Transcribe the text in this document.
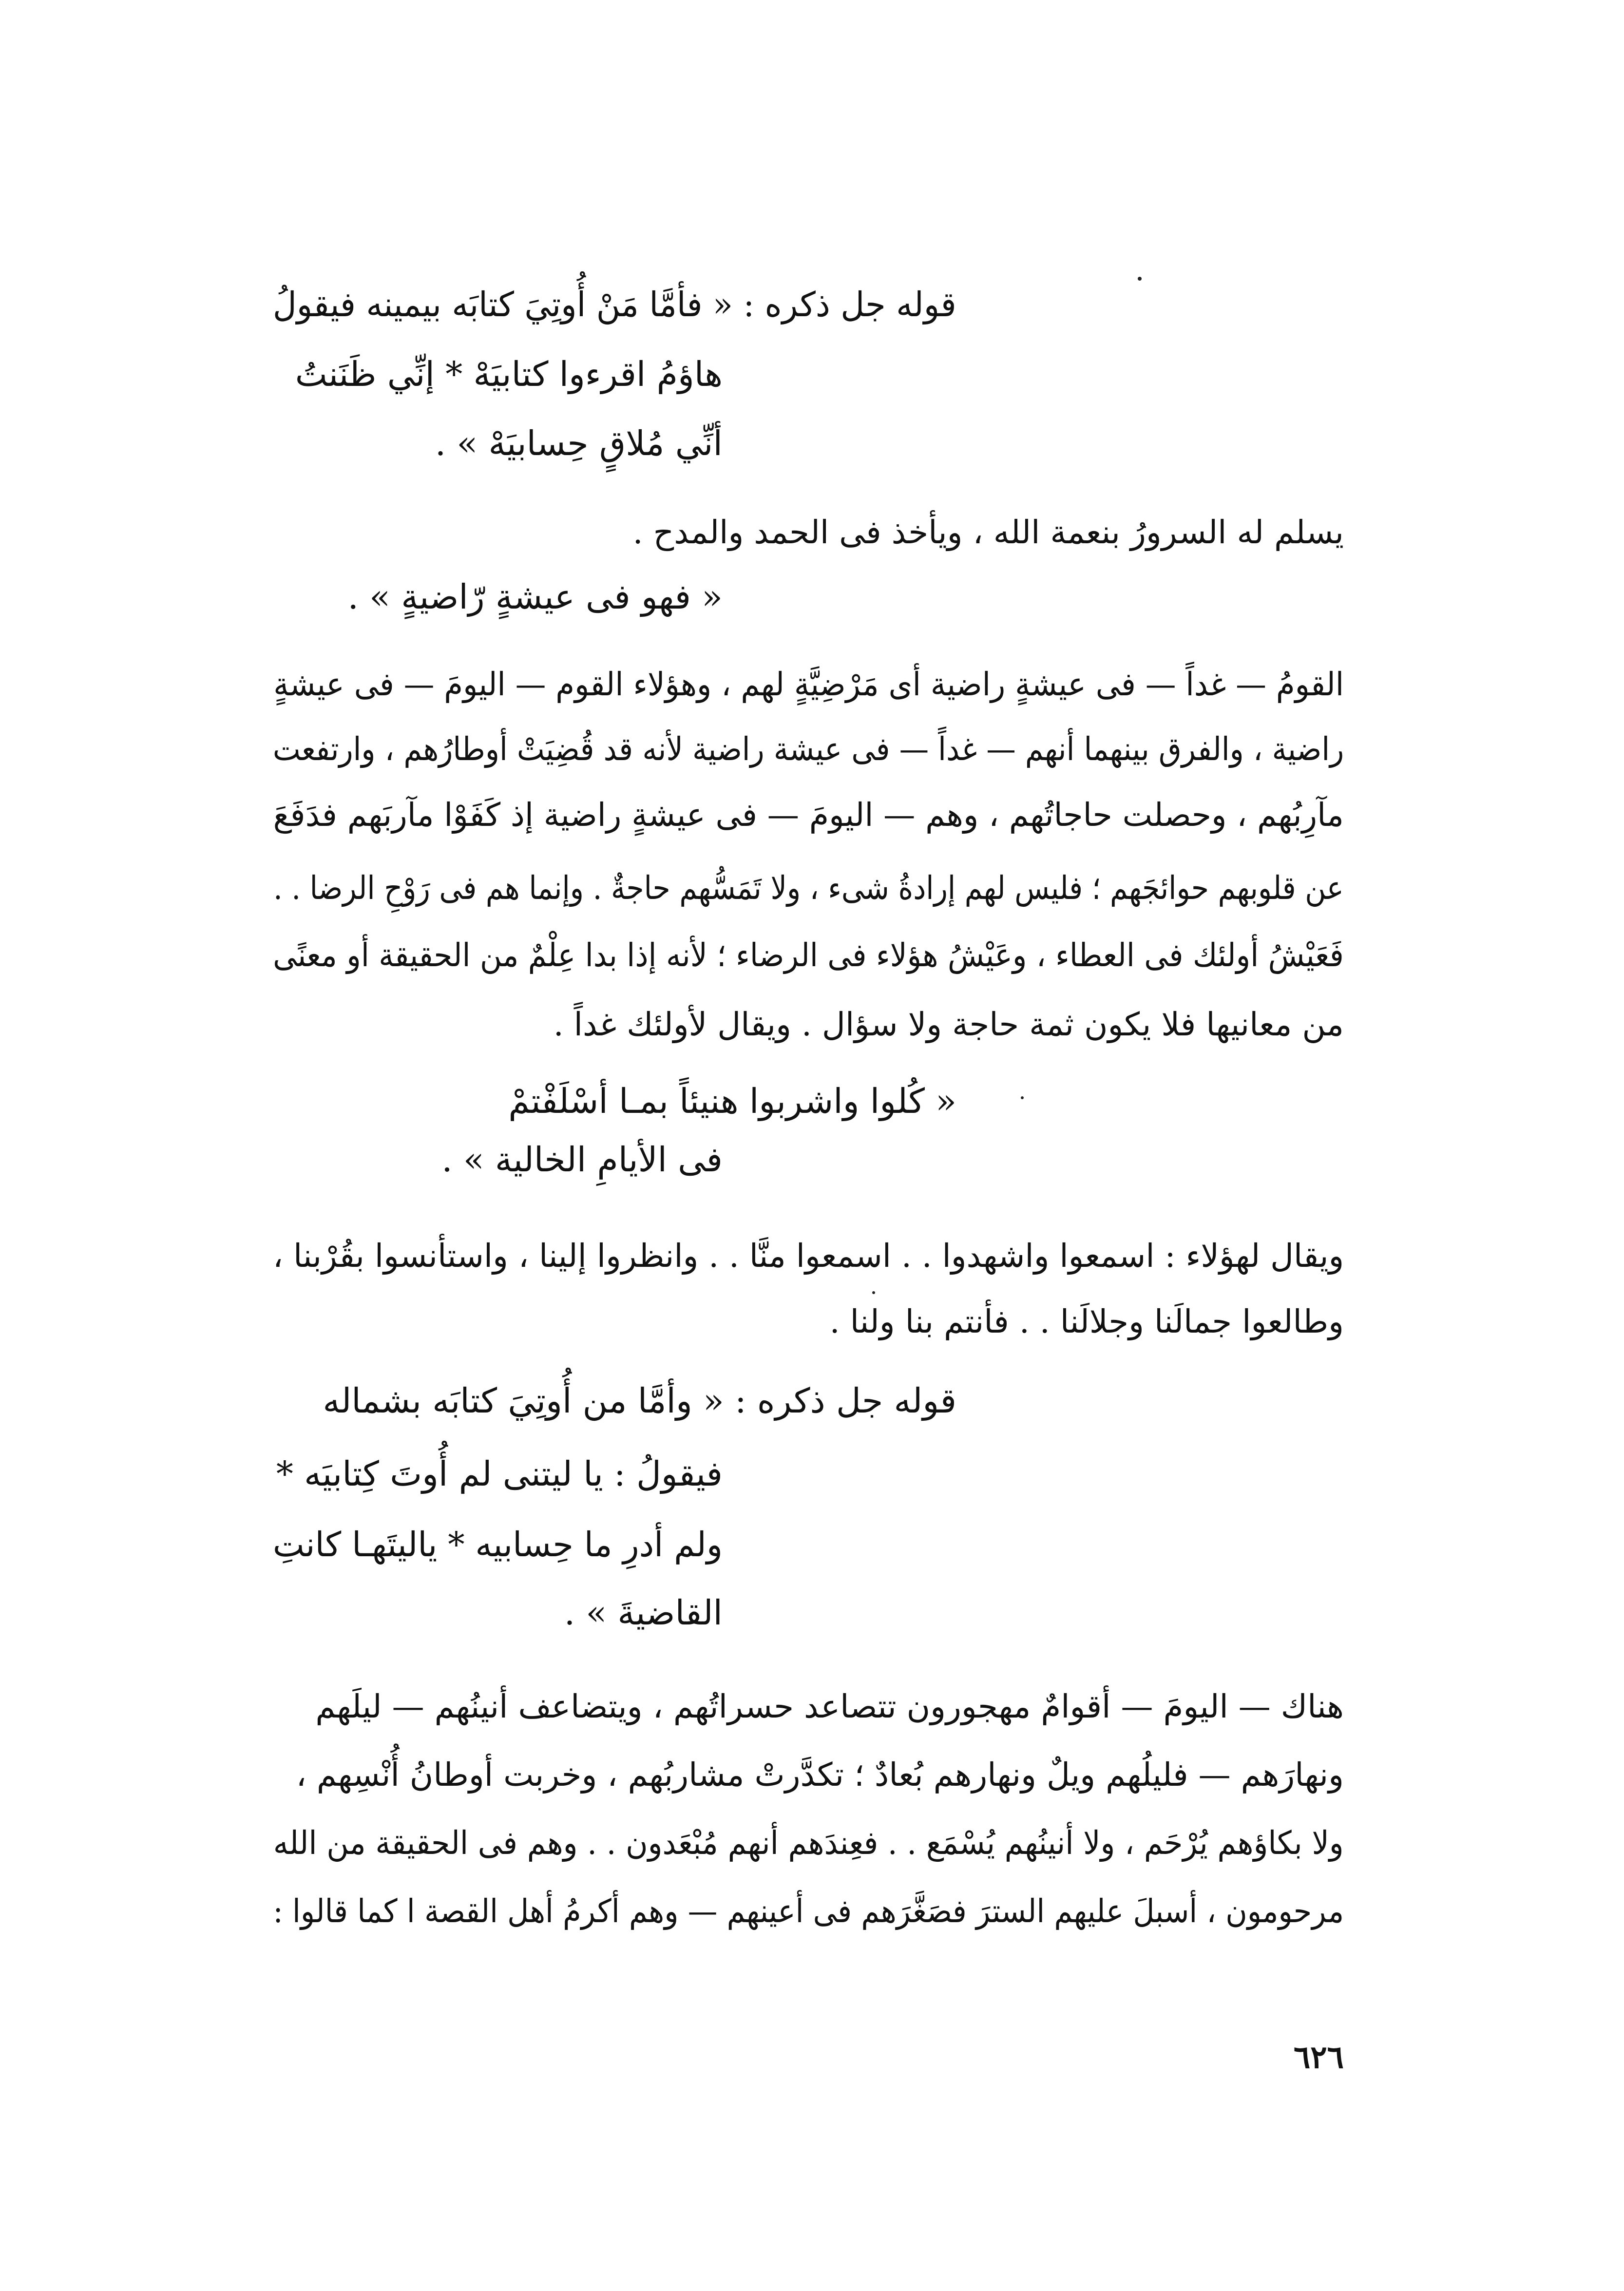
قوله جل ذكره : « فأمَّا مَنْ أُوتِيَ كتابَه بيمينه فيقولُ
هاؤمُ اقرءوا كتابيَهْ * إنِّي ظَنَنتُ
أنِّي مُلاقٍ حِسابيَهْ » .
يسلم له السرورُ بنعمة الله ، ويأخذ فى الحمد والمدح .
« فهو فى عيشةٍ رّاضيةٍ » .
القومُ — غداً — فى عيشةٍ راضية أى مَرْضِيَّةٍ لهم ، وهؤلاء القوم — اليومَ — فى عيشةٍ
راضية ، والفرق بينهما أنهم — غداً — فى عيشة راضية لأنه قد قُضِيَتْ أوطارُهم ، وارتفعت
مآرِبُهم ، وحصلت حاجاتُهم ، وهم — اليومَ — فى عيشةٍ راضية إذ كَفَوْا مآربَهم فدَفَعَ
عن قلوبهم حوائجَهم ؛ فليس لهم إرادةُ شىء ، ولا تَمَسُّهم حاجةٌ . وإنما هم فى رَوْحِ الرضا . .
فَعَيْشُ أولئك فى العطاء ، وعَيْشُ هؤلاء فى الرضاء ؛ لأنه إذا بدا عِلْمٌ من الحقيقة أو معنًى
من معانيها فلا يكون ثمة حاجة ولا سؤال . ويقال لأولئك غداً .
« كُلوا واشربوا هنيئاً بمـا أسْلَفْتمْ
فى الأيامِ الخالية » .
ويقال لهؤلاء : اسمعوا واشهدوا . . اسمعوا منَّا . . وانظروا إلينا ، واستأنسوا بقُرْبنا ،
وطالعوا جمالَنا وجلالَنا . . فأنتم بنا ولنا .
قوله جل ذكره : « وأمَّا من أُوتِيَ كتابَه بشماله
فيقولُ : يا ليتنى لم أُوتَ كِتابيَه *
ولم أدرِ ما حِسابيه * ياليتَهـا كانتِ
القاضيةَ » .
هناك — اليومَ — أقوامٌ مهجورون تتصاعد حسراتُهم ، ويتضاعف أنينُهم — ليلَهم
ونهارَهم — فليلُهم ويلٌ ونهارهم بُعادٌ ؛ تكدَّرتْ مشاربُهم ، وخربت أوطانُ أُنْسِهم ،
ولا بكاؤهم يُرْحَم ، ولا أنينُهم يُسْمَع . . فعِندَهم أنهم مُبْعَدون . . وهم فى الحقيقة من الله
مرحومون ، أسبلَ عليهم السترَ فصَغَّرَهم فى أعينهم — وهم أكرمُ أهل القصة ا كما قالوا :
٦٢٦
